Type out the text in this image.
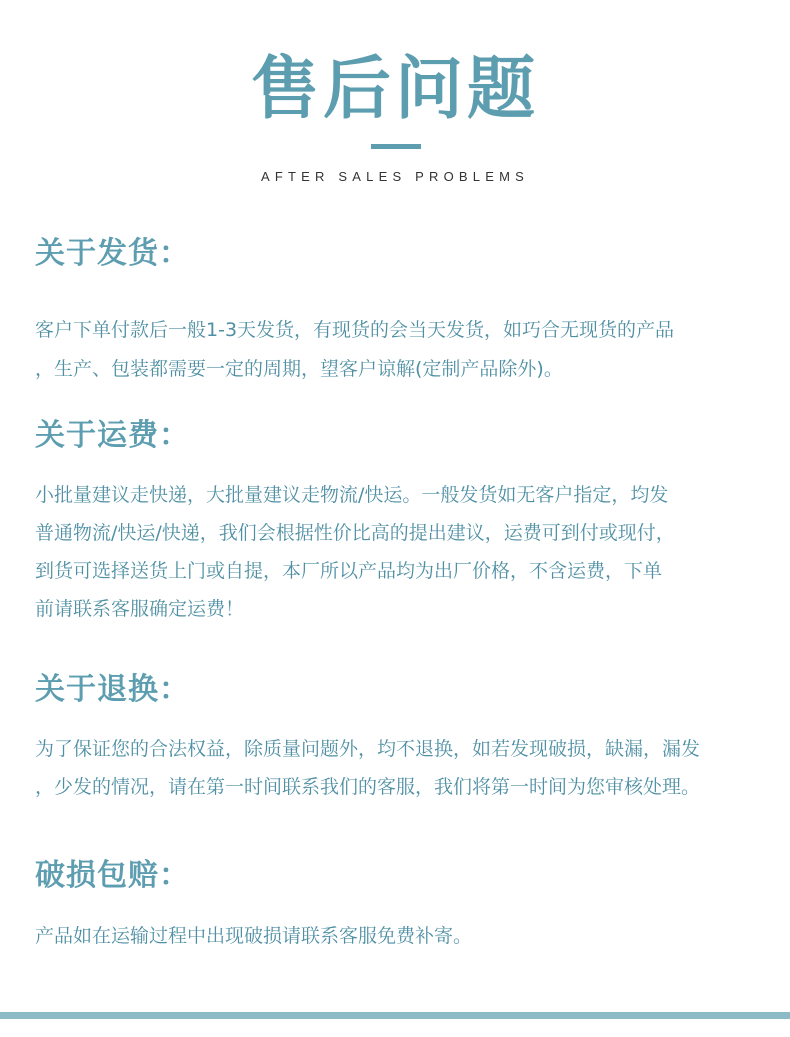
售后问题
AFTER SALES PROBLEMS
关于发货：
客户下单付款后一般1-3天发货，有现货的会当天发货，如巧合无现货的产品
，生产、包装都需要一定的周期，望客户谅解(定制产品除外)。
关于运费：
小批量建议走快递，大批量建议走物流/快运。一般发货如无客户指定，均发
普通物流/快运/快递，我们会根据性价比高的提出建议，运费可到付或现付，
到货可选择送货上门或自提，本厂所以产品均为出厂价格，不含运费，下单
前请联系客服确定运费！
关于退换：
为了保证您的合法权益，除质量问题外，均不退换，如若发现破损，缺漏，漏发
，少发的情况，请在第一时间联系我们的客服，我们将第一时间为您审核处理。
破损包赔：
产品如在运输过程中出现破损请联系客服免费补寄。
